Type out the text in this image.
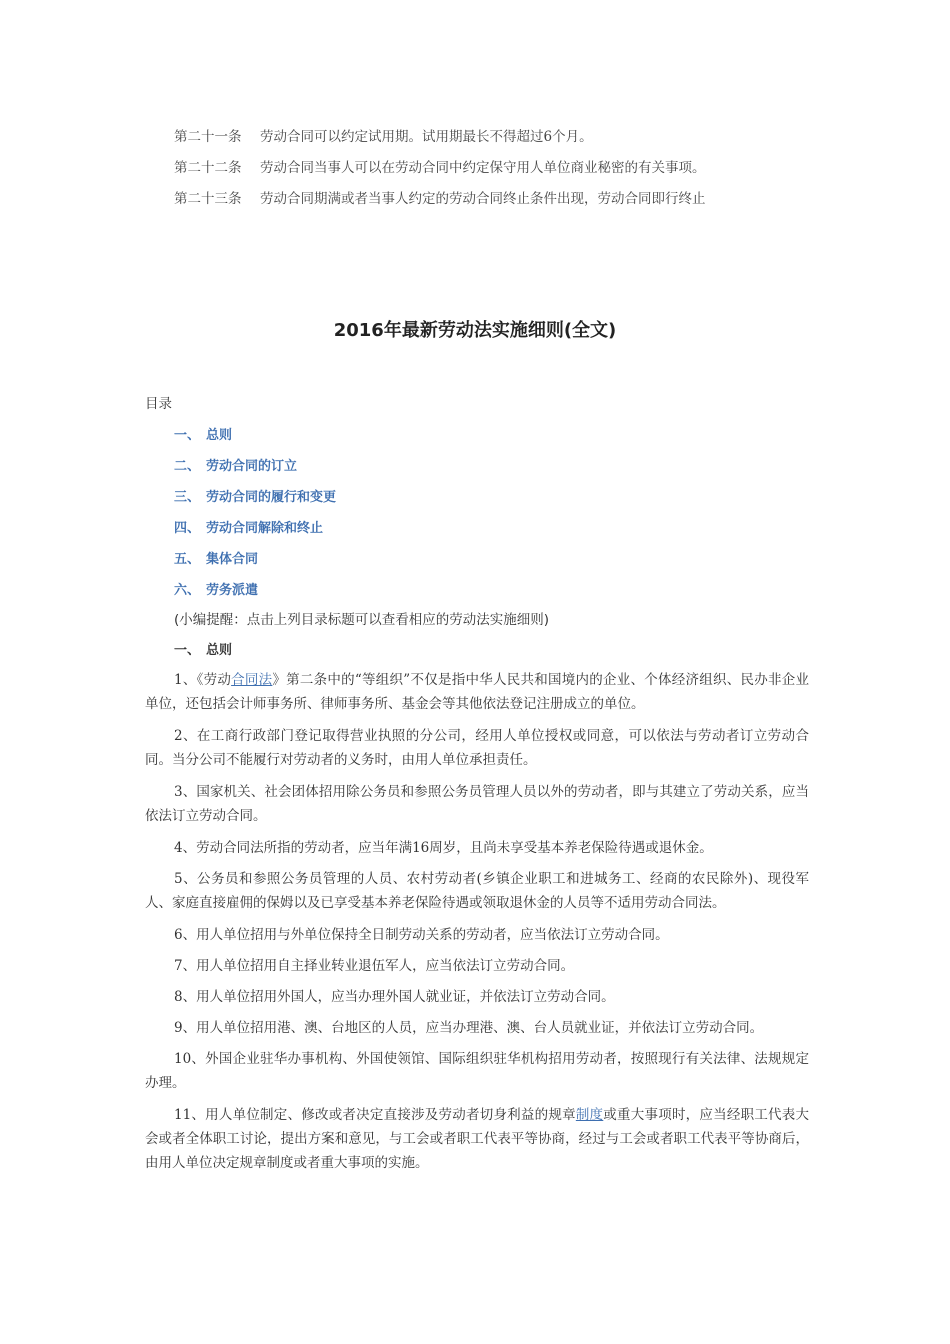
第二十一条 劳动合同可以约定试用期。试用期最长不得超过6个月。
第二十二条 劳动合同当事人可以在劳动合同中约定保守用人单位商业秘密的有关事项。
第二十三条 劳动合同期满或者当事人约定的劳动合同终止条件出现，劳动合同即行终止
2016年最新劳动法实施细则(全文)
目录
一、 总则
二、 劳动合同的订立
三、 劳动合同的履行和变更
四、 劳动合同解除和终止
五、 集体合同
六、 劳务派遣
(小编提醒：点击上列目录标题可以查看相应的劳动法实施细则)
一、 总则
1、《劳动合同法》第二条中的“等组织”不仅是指中华人民共和国境内的企业、个体经济组织、民办非企业单位，还包括会计师事务所、律师事务所、基金会等其他依法登记注册成立的单位。
2、在工商行政部门登记取得营业执照的分公司，经用人单位授权或同意，可以依法与劳动者订立劳动合同。当分公司不能履行对劳动者的义务时，由用人单位承担责任。
3、国家机关、社会团体招用除公务员和参照公务员管理人员以外的劳动者，即与其建立了劳动关系，应当依法订立劳动合同。
4、劳动合同法所指的劳动者，应当年满16周岁，且尚未享受基本养老保险待遇或退休金。
5、公务员和参照公务员管理的人员、农村劳动者(乡镇企业职工和进城务工、经商的农民除外)、现役军人、家庭直接雇佣的保姆以及已享受基本养老保险待遇或领取退休金的人员等不适用劳动合同法。
6、用人单位招用与外单位保持全日制劳动关系的劳动者，应当依法订立劳动合同。
7、用人单位招用自主择业转业退伍军人，应当依法订立劳动合同。
8、用人单位招用外国人，应当办理外国人就业证，并依法订立劳动合同。
9、用人单位招用港、澳、台地区的人员，应当办理港、澳、台人员就业证，并依法订立劳动合同。
10、外国企业驻华办事机构、外国使领馆、国际组织驻华机构招用劳动者，按照现行有关法律、法规规定办理。
11、用人单位制定、修改或者决定直接涉及劳动者切身利益的规章制度或重大事项时，应当经职工代表大会或者全体职工讨论，提出方案和意见，与工会或者职工代表平等协商，经过与工会或者职工代表平等协商后，由用人单位决定规章制度或者重大事项的实施。
